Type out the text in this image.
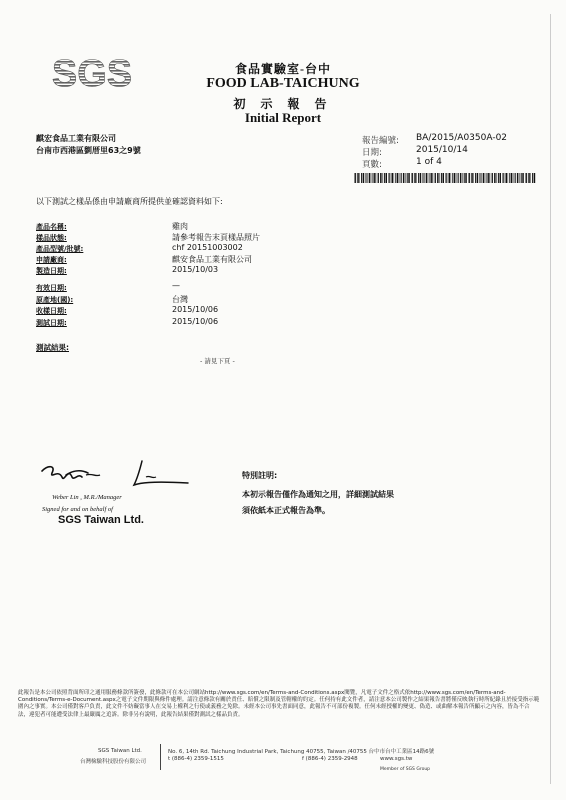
SGS	食品實驗室-台中
FOOD LAB-TAICHUNG
初 示 報 告
Initial Report
麒宏食品工業有限公司
台南市西港區劉厝里63之9號
報告編號: BA/2015/A0350A-02
日期:	2015/10/14
頁數:	1 of 4
以下測試之樣品係由申請廠商所提供並確認資料如下:
產品名稱:	雞肉
樣品狀態:	請參考報告末頁樣品照片
產品型號/批號:	chf 20151003002
申請廠商:	麒安食品工業有限公司
製造日期:	2015/10/03
有效日期:	—
原產地(國):	台灣
收樣日期:	2015/10/06
測試日期:	2015/10/06
測試結果:
- 請見下頁 -
Weber Lin , M.R./Manager
Signed for and on behalf of
SGS Taiwan Ltd.
特別註明:
本初示報告僅作為通知之用，詳細測試結果
須依紙本正式報告為準。
此報告是本公司依照背面所印之通用服務條款所簽發，此條款可在本公司網站http://www.sgs.com/en/Terms-and-Conditions.aspx閱覽，凡電子文件之格式依http://www.sgs.com/en/Terms-and-Conditions/Terms-e-Document.aspx之電子文件期限與條件處理。請注意條款有關於責任、賠償之限制及管轄權的約定。任何持有此文件者，請注意本公司製作之結果報告書將僅反映執行時所紀錄且於接受指示範圍內之事實。本公司僅對客戶負責，此文件不妨礙當事人在交易上權利之行使或義務之免除。未經本公司事先書面同意，此報告不可部份複製。任何未經授權的變更、偽造、或曲解本報告所顯示之內容，皆為不合法，違犯者可能遭受法律上最嚴厲之追訴。除非另有說明，此報告結果僅對測試之樣品負責。
SGS Taiwan Ltd.
台灣檢驗科技股份有限公司
No. 6, 14th Rd. Taichung Industrial Park, Taichung 40755, Taiwan /40755 台中市台中工業區14路6號
t (886-4) 2359-1515	f (886-4) 2359-2948	www.sgs.tw
Member of SGS Group
